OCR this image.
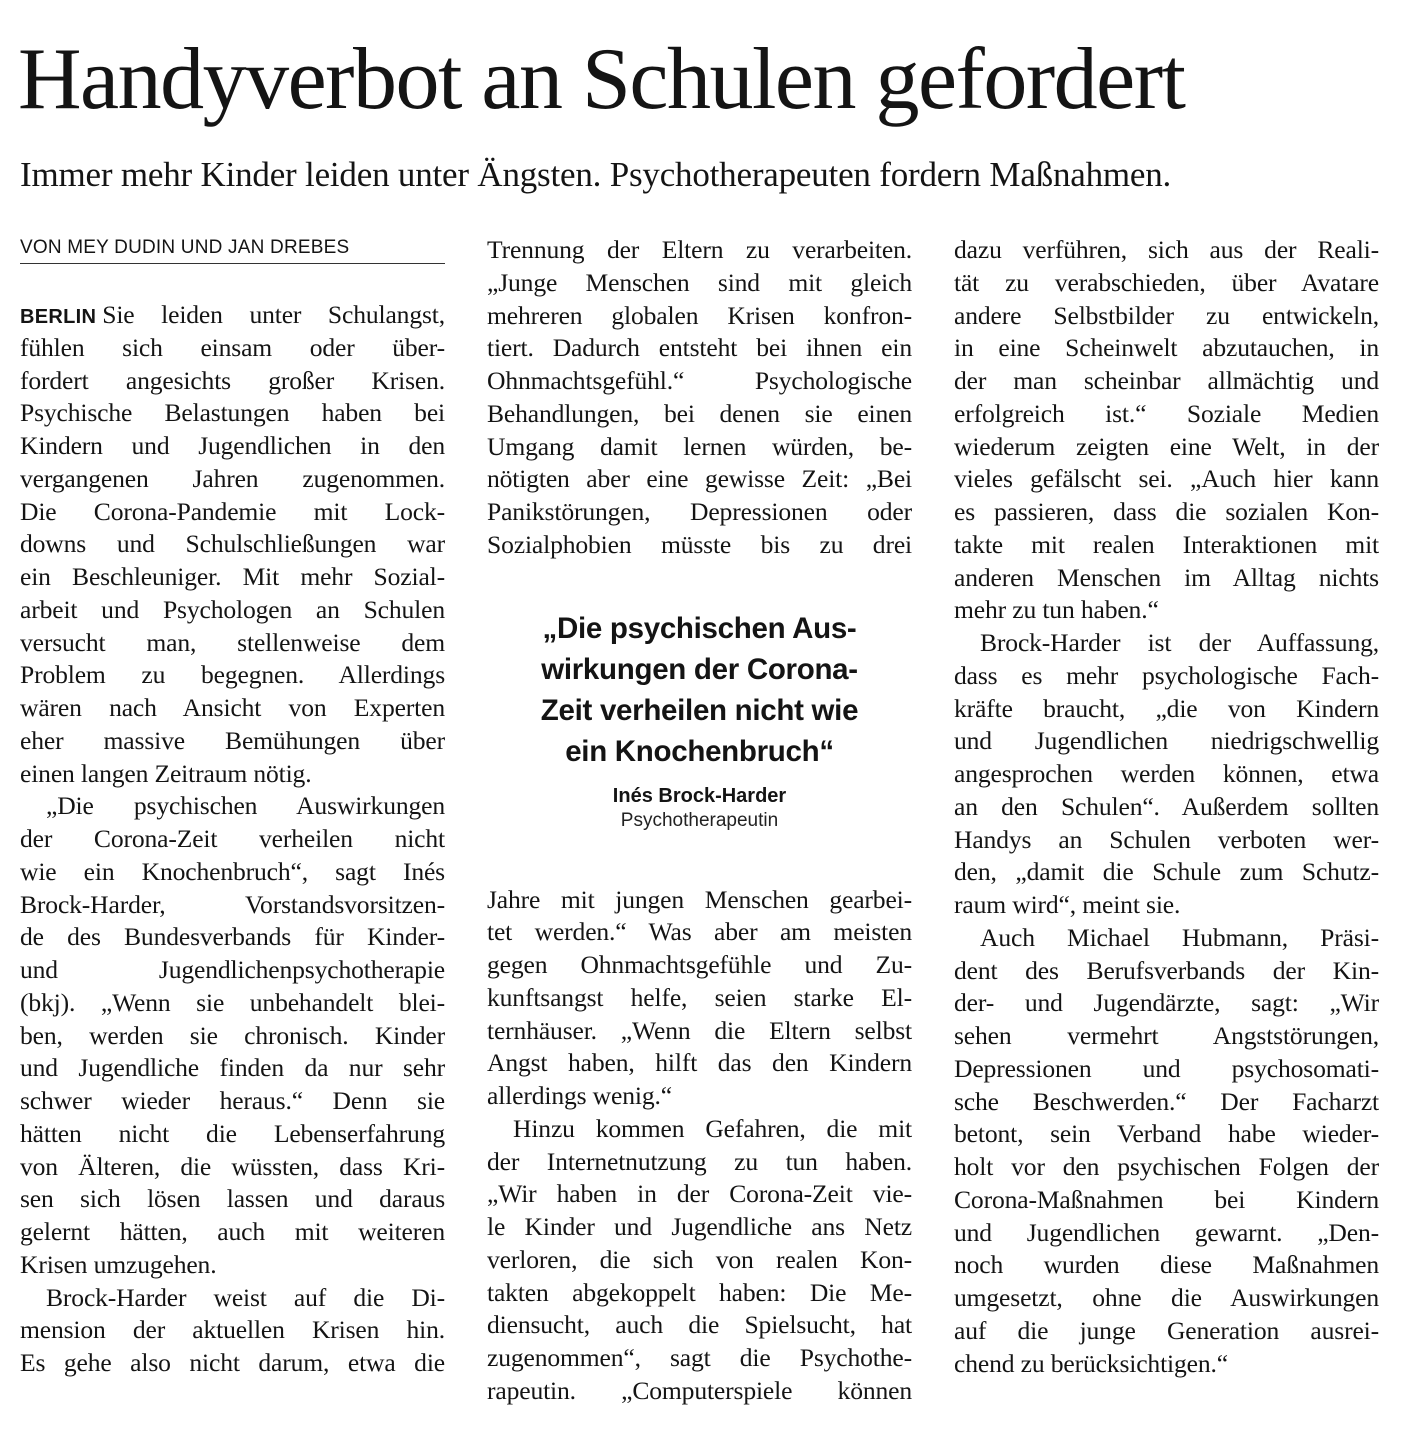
Handyverbot an Schulen gefordert
Immer mehr Kinder leiden unter Ängsten. Psychotherapeuten fordern Maßnahmen.
VON MEY DUDIN UND JAN DREBES
BERLIN Sie leiden unter Schulangst,
fühlen sich einsam oder über-
fordert angesichts großer Krisen.
Psychische Belastungen haben bei
Kindern und Jugendlichen in den
vergangenen Jahren zugenommen.
Die Corona-Pandemie mit Lock-
downs und Schulschließungen war
ein Beschleuniger. Mit mehr Sozial-
arbeit und Psychologen an Schulen
versucht man, stellenweise dem
Problem zu begegnen. Allerdings
wären nach Ansicht von Experten
eher massive Bemühungen über
einen langen Zeitraum nötig.
„Die psychischen Auswirkungen
der Corona-Zeit verheilen nicht
wie ein Knochenbruch“, sagt Inés
Brock-Harder, Vorstandsvorsitzen-
de des Bundesverbands für Kinder-
und Jugendlichenpsychotherapie
(bkj). „Wenn sie unbehandelt blei-
ben, werden sie chronisch. Kinder
und Jugendliche finden da nur sehr
schwer wieder heraus.“ Denn sie
hätten nicht die Lebenserfahrung
von Älteren, die wüssten, dass Kri-
sen sich lösen lassen und daraus
gelernt hätten, auch mit weiteren
Krisen umzugehen.
Brock-Harder weist auf die Di-
mension der aktuellen Krisen hin.
Es gehe also nicht darum, etwa die
Trennung der Eltern zu verarbeiten.
„Junge Menschen sind mit gleich
mehreren globalen Krisen konfron-
tiert. Dadurch entsteht bei ihnen ein
Ohnmachtsgefühl.“ Psychologische
Behandlungen, bei denen sie einen
Umgang damit lernen würden, be-
nötigten aber eine gewisse Zeit: „Bei
Panikstörungen, Depressionen oder
Sozialphobien müsste bis zu drei
„Die psychischen Aus-
wirkungen der Corona-
Zeit verheilen nicht wie
ein Knochenbruch“
Inés Brock-Harder
Psychotherapeutin
Jahre mit jungen Menschen gearbei-
tet werden.“ Was aber am meisten
gegen Ohnmachtsgefühle und Zu-
kunftsangst helfe, seien starke El-
ternhäuser. „Wenn die Eltern selbst
Angst haben, hilft das den Kindern
allerdings wenig.“
Hinzu kommen Gefahren, die mit
der Internetnutzung zu tun haben.
„Wir haben in der Corona-Zeit vie-
le Kinder und Jugendliche ans Netz
verloren, die sich von realen Kon-
takten abgekoppelt haben: Die Me-
diensucht, auch die Spielsucht, hat
zugenommen“, sagt die Psychothe-
rapeutin. „Computerspiele können
dazu verführen, sich aus der Reali-
tät zu verabschieden, über Avatare
andere Selbstbilder zu entwickeln,
in eine Scheinwelt abzutauchen, in
der man scheinbar allmächtig und
erfolgreich ist.“ Soziale Medien
wiederum zeigten eine Welt, in der
vieles gefälscht sei. „Auch hier kann
es passieren, dass die sozialen Kon-
takte mit realen Interaktionen mit
anderen Menschen im Alltag nichts
mehr zu tun haben.“
Brock-Harder ist der Auffassung,
dass es mehr psychologische Fach-
kräfte braucht, „die von Kindern
und Jugendlichen niedrigschwellig
angesprochen werden können, etwa
an den Schulen“. Außerdem sollten
Handys an Schulen verboten wer-
den, „damit die Schule zum Schutz-
raum wird“, meint sie.
Auch Michael Hubmann, Präsi-
dent des Berufsverbands der Kin-
der- und Jugendärzte, sagt: „Wir
sehen vermehrt Angststörungen,
Depressionen und psychosomati-
sche Beschwerden.“ Der Facharzt
betont, sein Verband habe wieder-
holt vor den psychischen Folgen der
Corona-Maßnahmen bei Kindern
und Jugendlichen gewarnt. „Den-
noch wurden diese Maßnahmen
umgesetzt, ohne die Auswirkungen
auf die junge Generation ausrei-
chend zu berücksichtigen.“
